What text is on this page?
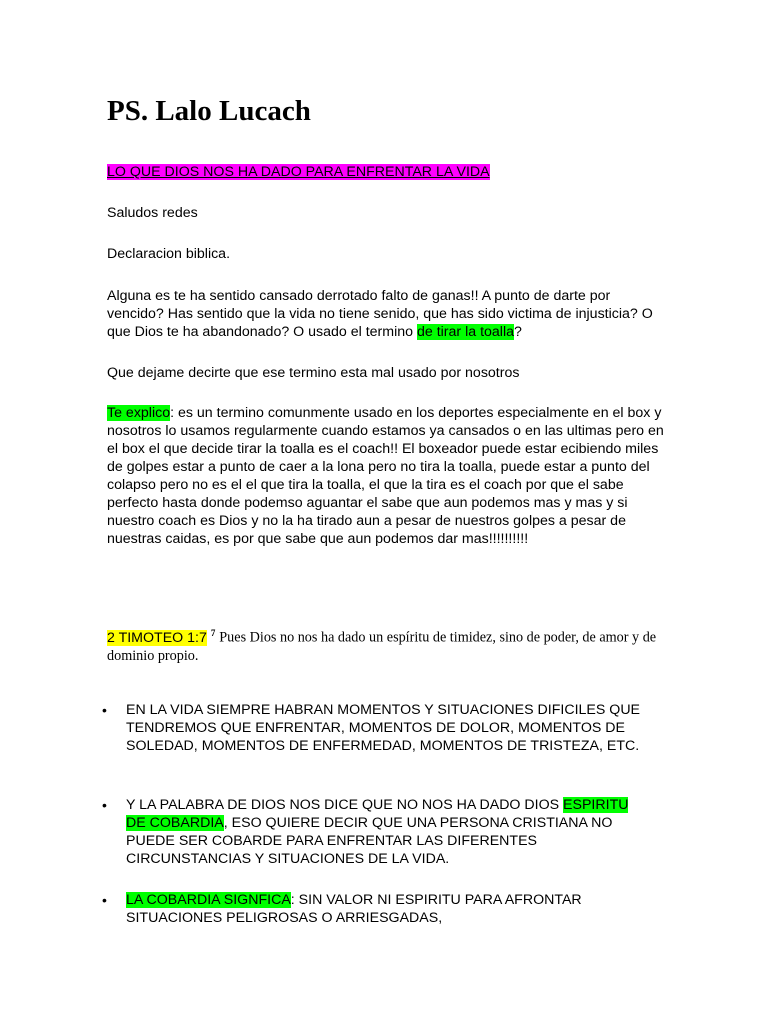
PS. Lalo Lucach

LO QUE DIOS NOS HA DADO PARA ENFRENTAR LA VIDA

Saludos redes

Declaracion biblica.

Alguna es te ha sentido cansado derrotado falto de ganas!! A punto de darte por vencido? Has sentido que la vida no tiene senido, que has sido victima de injusticia? O que Dios te ha abandonado? O usado el termino de tirar la toalla?

Que dejame decirte que ese termino esta mal usado por nosotros

Te explico: es un termino comunmente usado en los deportes especialmente en el box y nosotros lo usamos regularmente cuando estamos ya cansados o en las ultimas pero en el box el que decide tirar la toalla es el coach!! El boxeador puede estar ecibiendo miles de golpes estar a punto de caer a la lona pero no tira la toalla, puede estar a punto del colapso pero no es el el que tira la toalla, el que la tira es el coach por que el sabe perfecto hasta donde podemso aguantar el sabe que aun podemos mas y mas y si nuestro coach es Dios y no la ha tirado aun a pesar de nuestros golpes a pesar de nuestras caidas, es por que sabe que aun podemos dar mas!!!!!!!!!!

2 TIMOTEO 1:7 $^7$ Pues Dios no nos ha dado un espíritu de timidez, sino de poder, de amor y de dominio propio.

• EN LA VIDA SIEMPRE HABRAN MOMENTOS Y SITUACIONES DIFICILES QUE TENDREMOS QUE ENFRENTAR, MOMENTOS DE DOLOR, MOMENTOS DE SOLEDAD, MOMENTOS DE ENFERMEDAD, MOMENTOS DE TRISTEZA, ETC.
• Y LA PALABRA DE DIOS NOS DICE QUE NO NOS HA DADO DIOS ESPIRITU DE COBARDIA, ESO QUIERE DECIR QUE UNA PERSONA CRISTIANA NO PUEDE SER COBARDE PARA ENFRENTAR LAS DIFERENTES CIRCUNSTANCIAS Y SITUACIONES DE LA VIDA.
• LA COBARDIA SIGNFICA: SIN VALOR NI ESPIRITU PARA AFRONTAR SITUACIONES PELIGROSAS O ARRIESGADAS,
